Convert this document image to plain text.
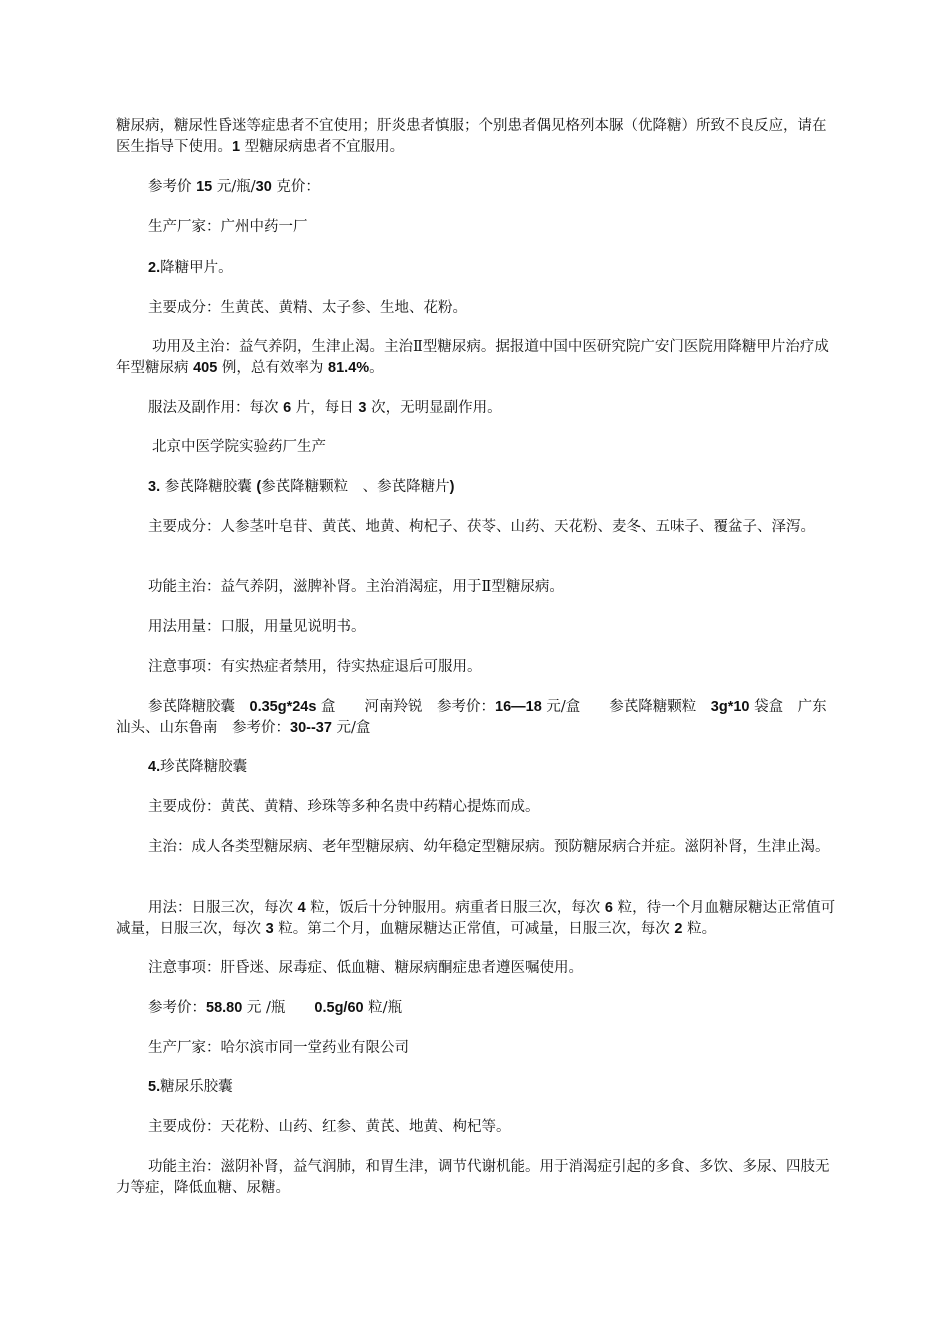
糖尿病，糖尿性昏迷等症患者不宜使用；肝炎患者慎服；个别患者偶见格列本脲（优降糖）所致不良反应，请在医生指导下使用。1 型糖尿病患者不宜服用。

参考价 15 元/瓶/30 克价：

生产厂家：广州中药一厂

2.降糖甲片。

主要成分：生黄芪、黄精、太子参、生地、花粉。

功用及主治：益气养阴，生津止渴。主治Ⅱ型糖尿病。据报道中国中医研究院广安门医院用降糖甲片治疗成年型糖尿病 405 例，总有效率为 81.4%。

服法及副作用：每次 6 片，每日 3 次，无明显副作用。

北京中医学院实验药厂生产

3. 参芪降糖胶囊 (参芪降糖颗粒　、参芪降糖片)

主要成分：人参茎叶皂苷、黄芪、地黄、枸杞子、茯苓、山药、天花粉、麦冬、五味子、覆盆子、泽泻。

功能主治：益气养阴，滋脾补肾。主治消渴症，用于Ⅱ型糖尿病。

用法用量：口服，用量见说明书。

注意事项：有实热症者禁用，待实热症退后可服用。

参芪降糖胶囊　0.35g*24s 盒　　河南羚锐　参考价：16—18 元/盒　　参芪降糖颗粒　3g*10 袋盒　广东汕头、山东鲁南　参考价：30--37 元/盒

4.珍芪降糖胶囊

主要成份：黄芪、黄精、珍珠等多种名贵中药精心提炼而成。

主治：成人各类型糖尿病、老年型糖尿病、幼年稳定型糖尿病。预防糖尿病合并症。滋阴补肾，生津止渴。

用法：日服三次，每次 4 粒，饭后十分钟服用。病重者日服三次，每次 6 粒，待一个月血糖尿糖达正常值可减量，日服三次，每次 3 粒。第二个月，血糖尿糖达正常值，可减量，日服三次，每次 2 粒。

注意事项：肝昏迷、尿毒症、低血糖、糖尿病酮症患者遵医嘱使用。

参考价：58.80 元 /瓶　　0.5g/60 粒/瓶

生产厂家：哈尔滨市同一堂药业有限公司

5.糖尿乐胶囊

主要成份：天花粉、山药、红参、黄芪、地黄、枸杞等。

功能主治：滋阴补肾，益气润肺，和胃生津，调节代谢机能。用于消渴症引起的多食、多饮、多尿、四肢无力等症，降低血糖、尿糖。
